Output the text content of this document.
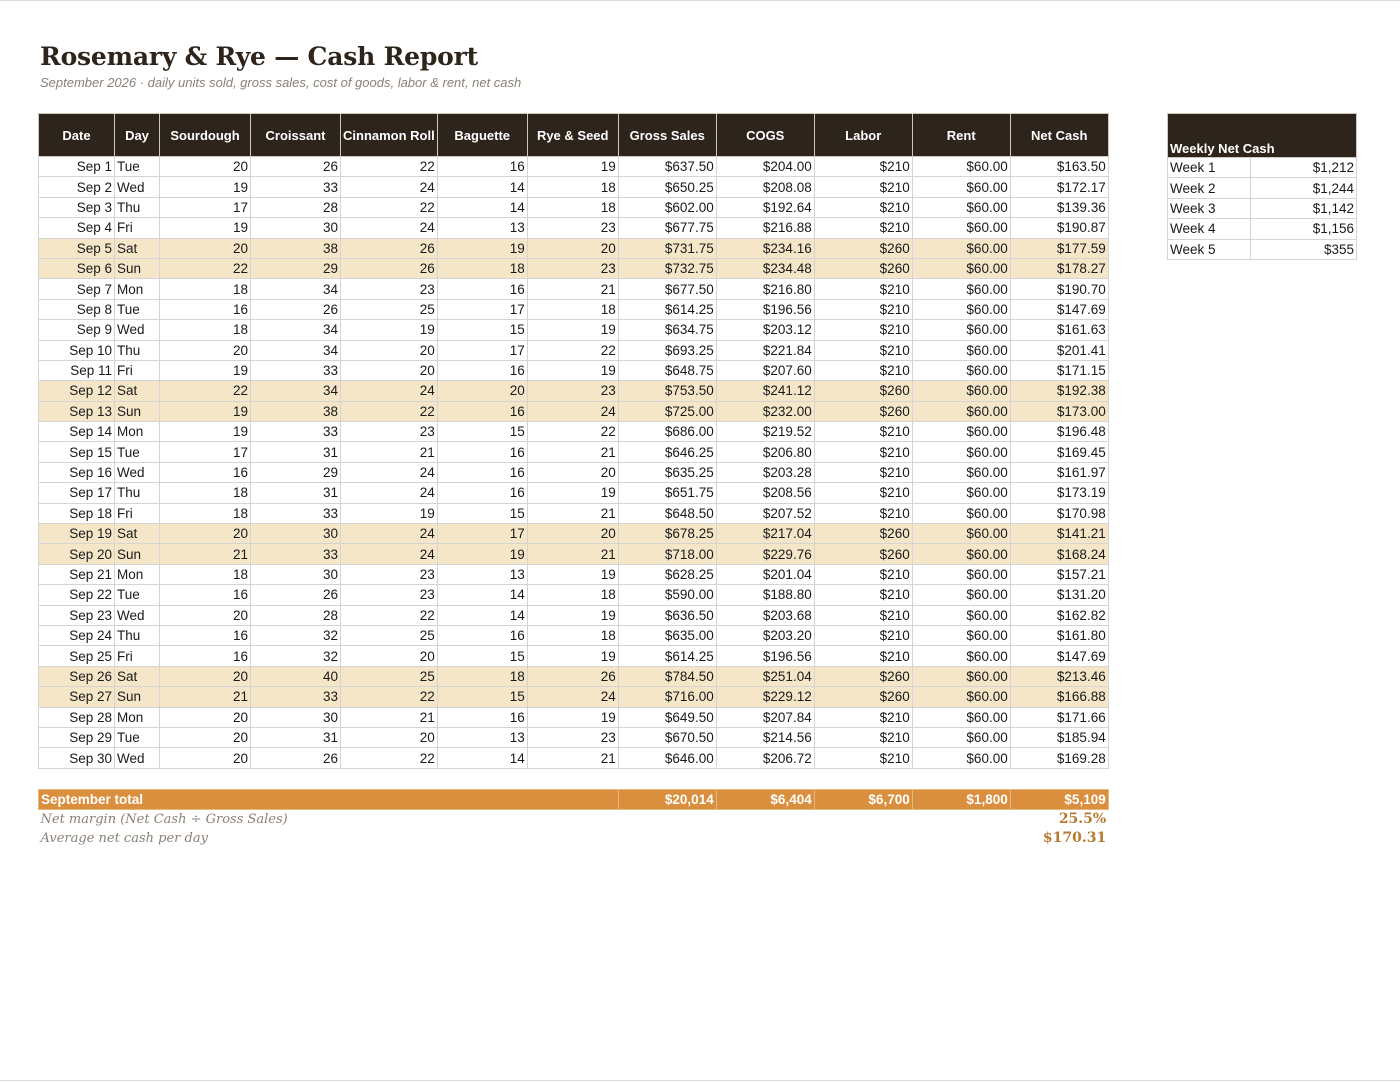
Rosemary & Rye — Cash Report
September 2026 · daily units sold, gross sales, cost of goods, labor & rent, net cash
Date	Day	Sourdough	Croissant	Cinnamon Roll	Baguette	Rye & Seed	Gross Sales	COGS	Labor	Rent	Net Cash
Sep 1	Tue	20	26	22	16	19	$637.50	$204.00	$210	$60.00	$163.50
Sep 2	Wed	19	33	24	14	18	$650.25	$208.08	$210	$60.00	$172.17
Sep 3	Thu	17	28	22	14	18	$602.00	$192.64	$210	$60.00	$139.36
Sep 4	Fri	19	30	24	13	23	$677.75	$216.88	$210	$60.00	$190.87
Sep 5	Sat	20	38	26	19	20	$731.75	$234.16	$260	$60.00	$177.59
Sep 6	Sun	22	29	26	18	23	$732.75	$234.48	$260	$60.00	$178.27
Sep 7	Mon	18	34	23	16	21	$677.50	$216.80	$210	$60.00	$190.70
Sep 8	Tue	16	26	25	17	18	$614.25	$196.56	$210	$60.00	$147.69
Sep 9	Wed	18	34	19	15	19	$634.75	$203.12	$210	$60.00	$161.63
Sep 10	Thu	20	34	20	17	22	$693.25	$221.84	$210	$60.00	$201.41
Sep 11	Fri	19	33	20	16	19	$648.75	$207.60	$210	$60.00	$171.15
Sep 12	Sat	22	34	24	20	23	$753.50	$241.12	$260	$60.00	$192.38
Sep 13	Sun	19	38	22	16	24	$725.00	$232.00	$260	$60.00	$173.00
Sep 14	Mon	19	33	23	15	22	$686.00	$219.52	$210	$60.00	$196.48
Sep 15	Tue	17	31	21	16	21	$646.25	$206.80	$210	$60.00	$169.45
Sep 16	Wed	16	29	24	16	20	$635.25	$203.28	$210	$60.00	$161.97
Sep 17	Thu	18	31	24	16	19	$651.75	$208.56	$210	$60.00	$173.19
Sep 18	Fri	18	33	19	15	21	$648.50	$207.52	$210	$60.00	$170.98
Sep 19	Sat	20	30	24	17	20	$678.25	$217.04	$260	$60.00	$141.21
Sep 20	Sun	21	33	24	19	21	$718.00	$229.76	$260	$60.00	$168.24
Sep 21	Mon	18	30	23	13	19	$628.25	$201.04	$210	$60.00	$157.21
Sep 22	Tue	16	26	23	14	18	$590.00	$188.80	$210	$60.00	$131.20
Sep 23	Wed	20	28	22	14	19	$636.50	$203.68	$210	$60.00	$162.82
Sep 24	Thu	16	32	25	16	18	$635.00	$203.20	$210	$60.00	$161.80
Sep 25	Fri	16	32	20	15	19	$614.25	$196.56	$210	$60.00	$147.69
Sep 26	Sat	20	40	25	18	26	$784.50	$251.04	$260	$60.00	$213.46
Sep 27	Sun	21	33	22	15	24	$716.00	$229.12	$260	$60.00	$166.88
Sep 28	Mon	20	30	21	16	19	$649.50	$207.84	$210	$60.00	$171.66
Sep 29	Tue	20	31	20	13	23	$670.50	$214.56	$210	$60.00	$185.94
Sep 30	Wed	20	26	22	14	21	$646.00	$206.72	$210	$60.00	$169.28

September total							$20,014	$6,404	$6,700	$1,800	$5,109
Net margin (Net Cash ÷ Gross Sales)											25.5%
Average net cash per day											$170.31
Weekly Net Cash	
Week 1	$1,212
Week 2	$1,244
Week 3	$1,142
Week 4	$1,156
Week 5	$355
